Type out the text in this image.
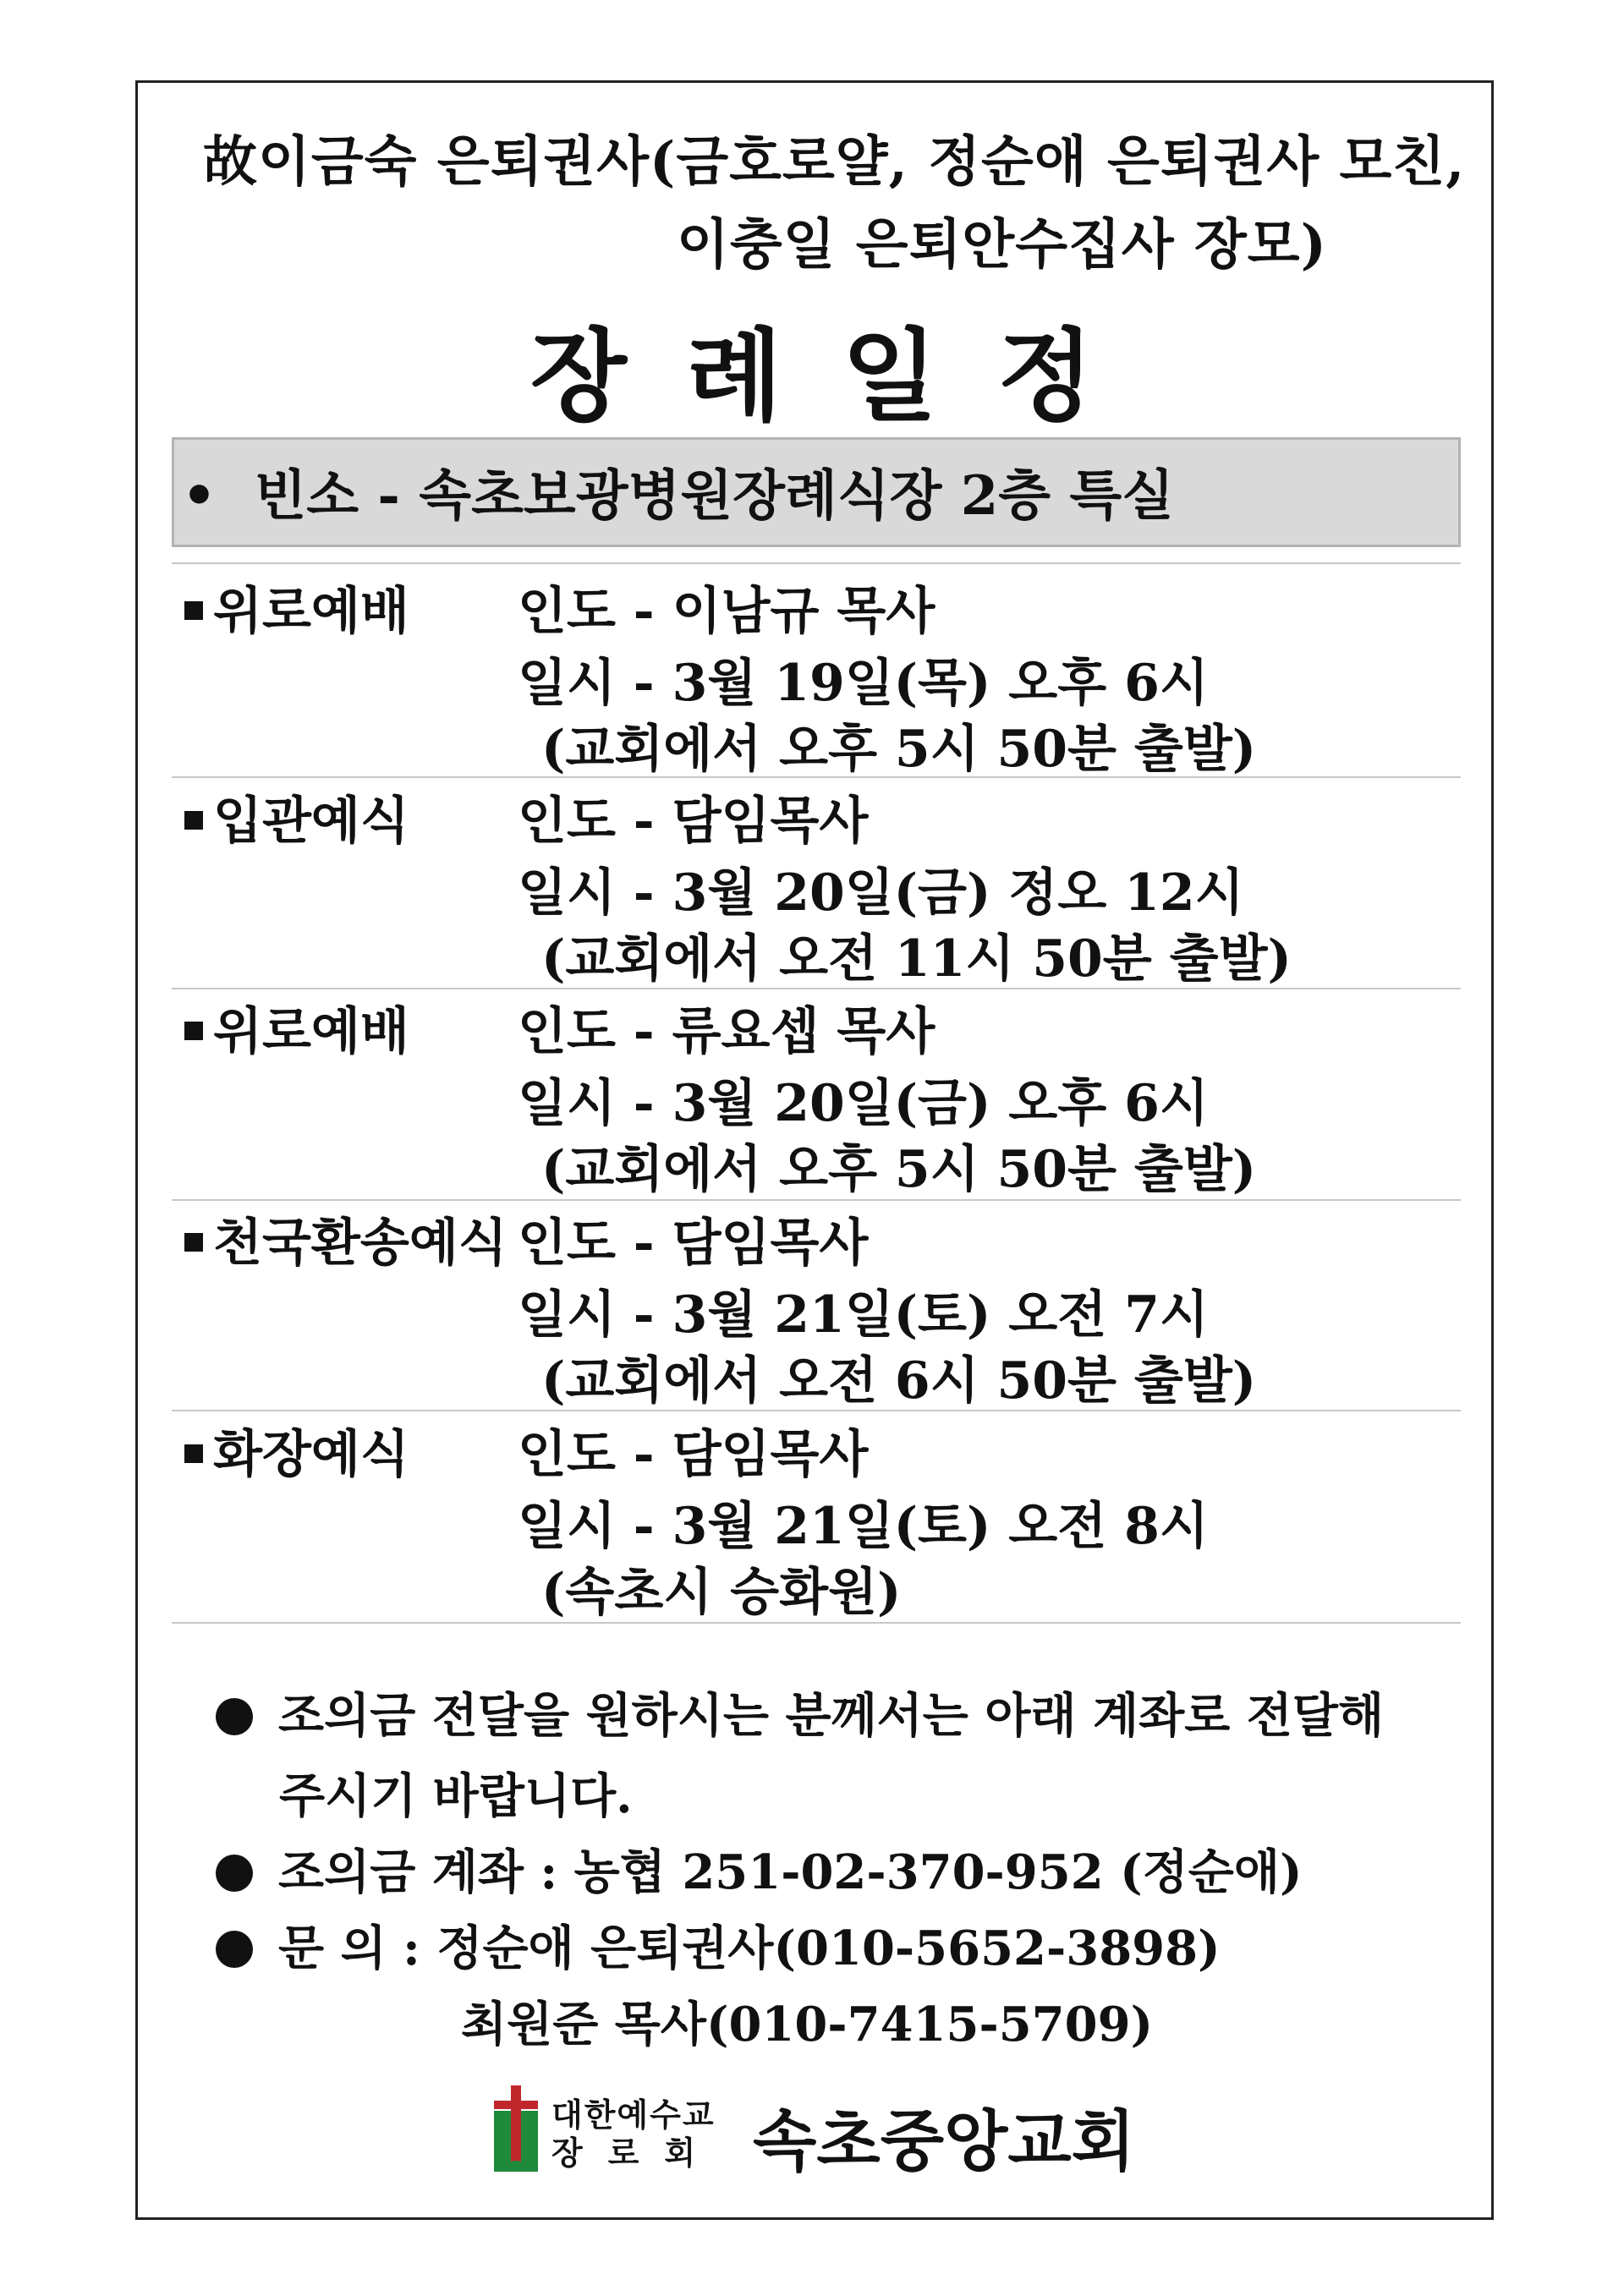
故이금숙 은퇴권사(금호로얄, 정순애 은퇴권사 모친,
이충일 은퇴안수집사 장모)
장례일정
• 빈소 - 속초보광병원장례식장 2층 특실
위로예배 인도 - 이남규 목사
일시 - 3월 19일(목) 오후 6시
(교회에서 오후 5시 50분 출발)
입관예식 인도 - 담임목사
일시 - 3월 20일(금) 정오 12시
(교회에서 오전 11시 50분 출발)
위로예배 인도 - 류요셉 목사
일시 - 3월 20일(금) 오후 6시
(교회에서 오후 5시 50분 출발)
천국환송예식 인도 - 담임목사
일시 - 3월 21일(토) 오전 7시
(교회에서 오전 6시 50분 출발)
화장예식 인도 - 담임목사
일시 - 3월 21일(토) 오전 8시
(속초시 승화원)
조의금 전달을 원하시는 분께서는 아래 계좌로 전달해
주시기 바랍니다.
조의금 계좌 : 농협 251-02-370-952 (정순애)
문 의 : 정순애 은퇴권사(010-5652-3898)
최원준 목사(010-7415-5709)
대한예수교
장로회 속초중앙교회
